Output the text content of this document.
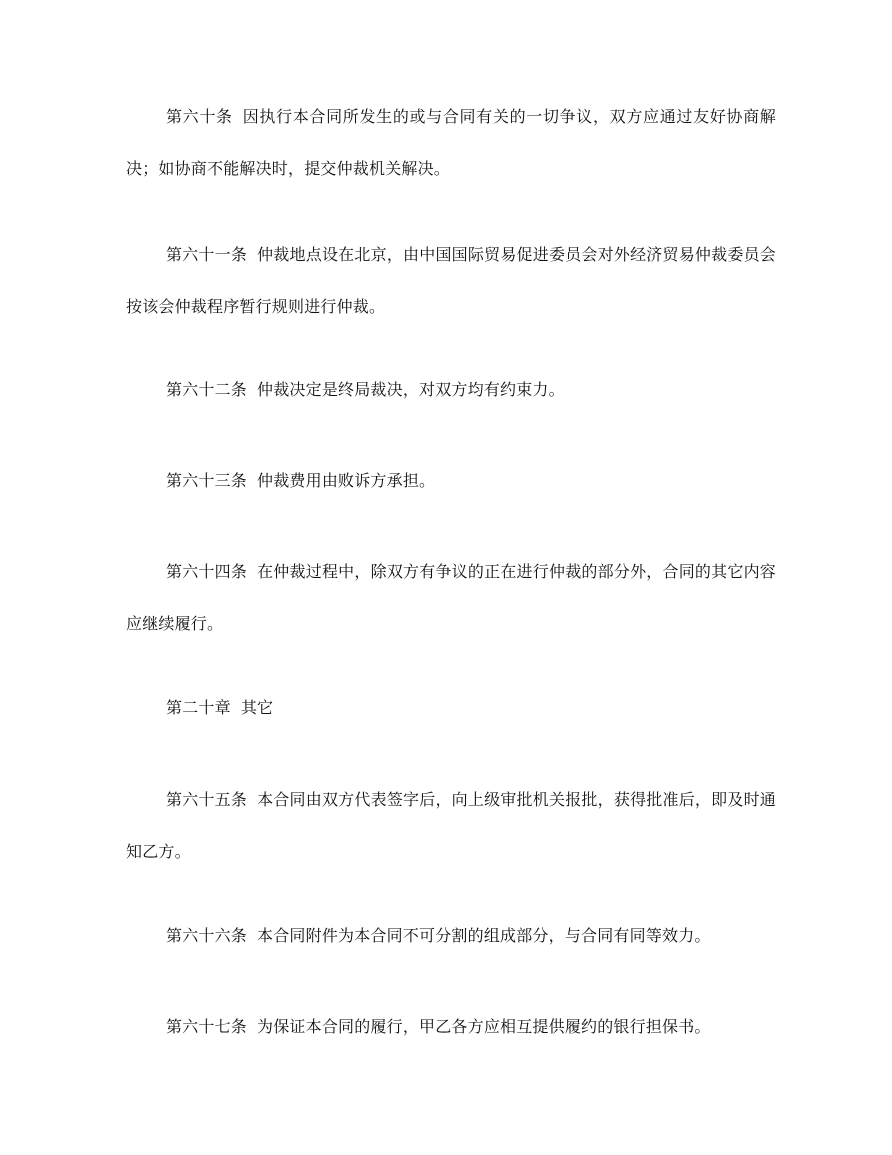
第六十条 因执行本合同所发生的或与合同有关的一切争议，双方应通过友好协商解决；如协商不能解决时，提交仲裁机关解决。

第六十一条 仲裁地点设在北京，由中国国际贸易促进委员会对外经济贸易仲裁委员会按该会仲裁程序暂行规则进行仲裁。

第六十二条 仲裁决定是终局裁决，对双方均有约束力。

第六十三条 仲裁费用由败诉方承担。

第六十四条 在仲裁过程中，除双方有争议的正在进行仲裁的部分外，合同的其它内容应继续履行。

第二十章 其它

第六十五条 本合同由双方代表签字后，向上级审批机关报批，获得批准后，即及时通知乙方。

第六十六条 本合同附件为本合同不可分割的组成部分，与合同有同等效力。

第六十七条 为保证本合同的履行，甲乙各方应相互提供履约的银行担保书。
